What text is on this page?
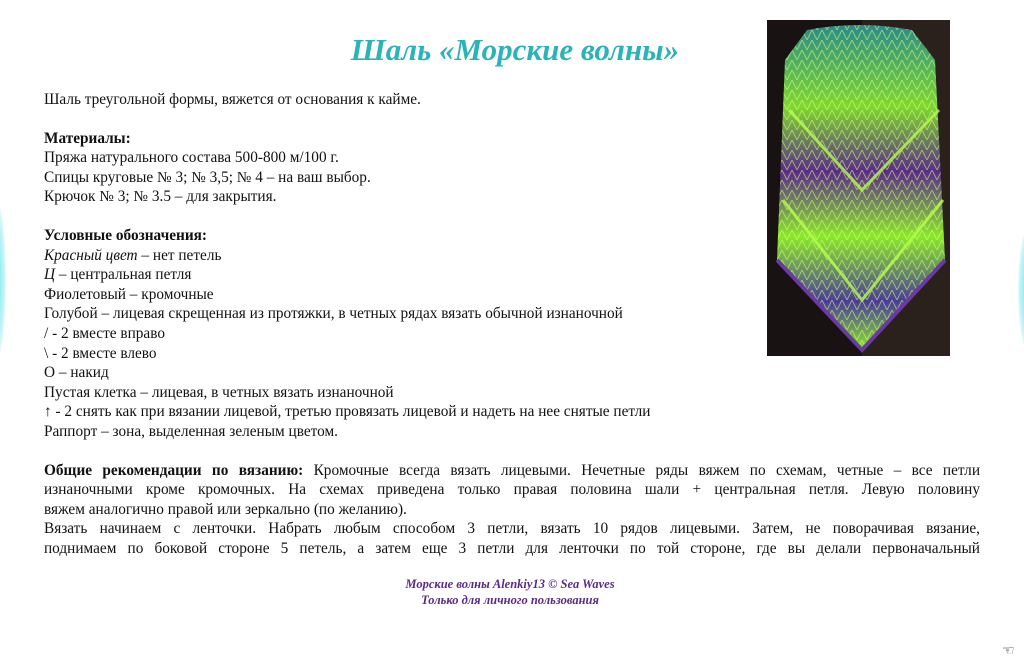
Шаль «Морские волны»
Шаль треугольной формы, вяжется от основания к кайме.
Материалы:
Пряжа натурального состава 500-800 м/100 г.
Спицы круговые № 3; № 3,5; № 4 – на ваш выбор.
Крючок № 3; № 3.5 – для закрытия.
Условные обозначения:
Красный цвет – нет петель
Ц – центральная петля
Фиолетовый – кромочные
Голубой – лицевая скрещенная из протяжки, в четных рядах вязать обычной изнаночной
/ - 2 вместе вправо
\ - 2 вместе влево
О – накид
Пустая клетка – лицевая, в четных вязать изнаночной
↑ - 2 снять как при вязании лицевой, третью провязать лицевой и надеть на нее снятые петли
Раппорт – зона, выделенная зеленым цветом.
Общие рекомендации по вязанию: Кромочные всегда вязать лицевыми. Нечетные ряды вяжем по схемам, четные – все петли
изнаночными кроме кромочных. На схемах приведена только правая половина шали + центральная петля. Левую половину
вяжем аналогично правой или зеркально (по желанию).
Вязать начинаем с ленточки. Набрать любым способом 3 петли, вязать 10 рядов лицевыми. Затем, не поворачивая вязание,
поднимаем по боковой стороне 5 петель, а затем еще 3 петли для ленточки по той стороне, где вы делали первоначальный
Морские волны Alenkiy13 © Sea Waves
Только для личного пользования
☜
